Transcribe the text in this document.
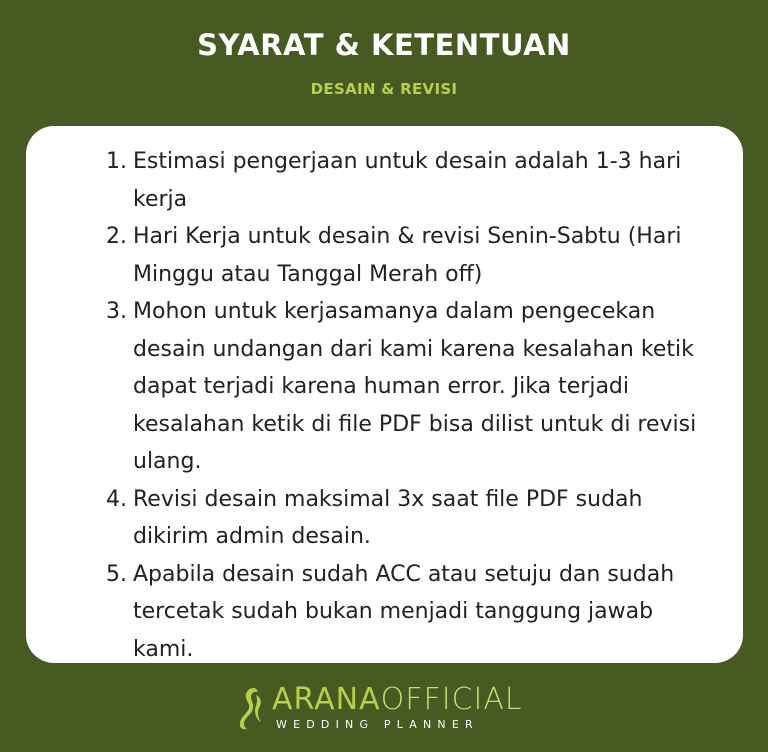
SYARAT & KETENTUAN
DESAIN & REVISI
1. Estimasi pengerjaan untuk desain adalah 1-3 hari kerja
2. Hari Kerja untuk desain & revisi Senin-Sabtu (Hari Minggu atau Tanggal Merah off)
3. Mohon untuk kerjasamanya dalam pengecekan desain undangan dari kami karena kesalahan ketik dapat terjadi karena human error. Jika terjadi kesalahan ketik di file PDF bisa dilist untuk di revisi ulang.
4. Revisi desain maksimal 3x saat file PDF sudah dikirim admin desain.
5. Apabila desain sudah ACC atau setuju dan sudah tercetak sudah bukan menjadi tanggung jawab kami.
ARANAOFFICIAL
WEDDING PLANNER
